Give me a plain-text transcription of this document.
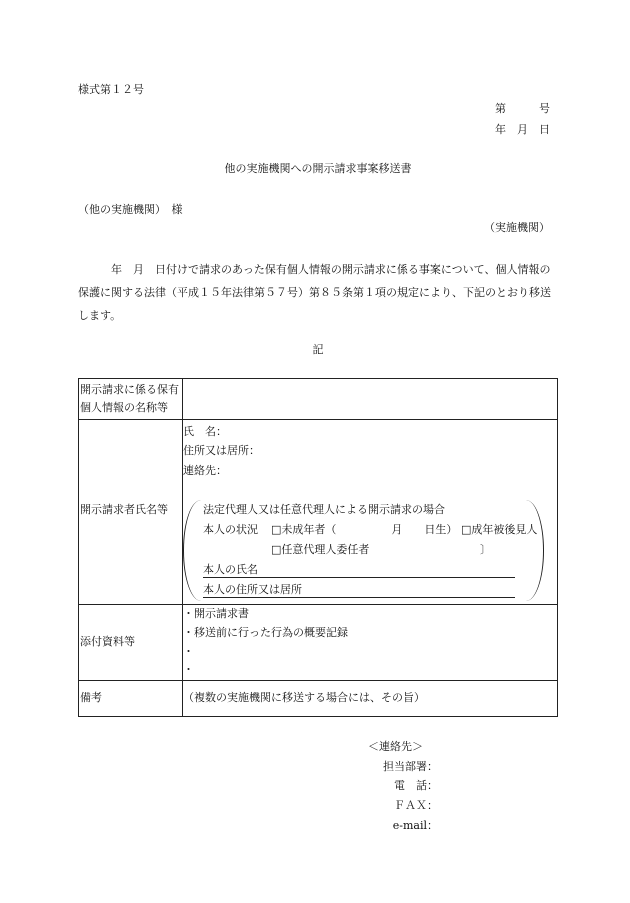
様式第１２号
第　　　号
年　月　日
他の実施機関への開示請求事案移送書
（他の実施機関）　様
（実施機関）
　　　年　月　日付けで請求のあった保有個人情報の開示請求に係る事案について、個人情報の保護に関する法律（平成１５年法律第５７号）第８５条第１項の規定により、下記のとおり移送します。
記
開示請求に係る保有
個人情報の名称等
開示請求者氏名等
氏　名：
住所又は居所：
連絡先：
法定代理人又は任意代理人による開示請求の場合
本人の状況 □未成年者（　　　　　月　　日生） □成年被後見人
□任意代理人委任者	〕
本人の氏名
本人の住所又は居所
添付資料等
・開示請求書
・移送前に行った行為の概要記録
・
・
備考	（複数の実施機関に移送する場合には、その旨）
＜連絡先＞
担当部署：
電　話：
ＦＡＸ：
e-mail：
